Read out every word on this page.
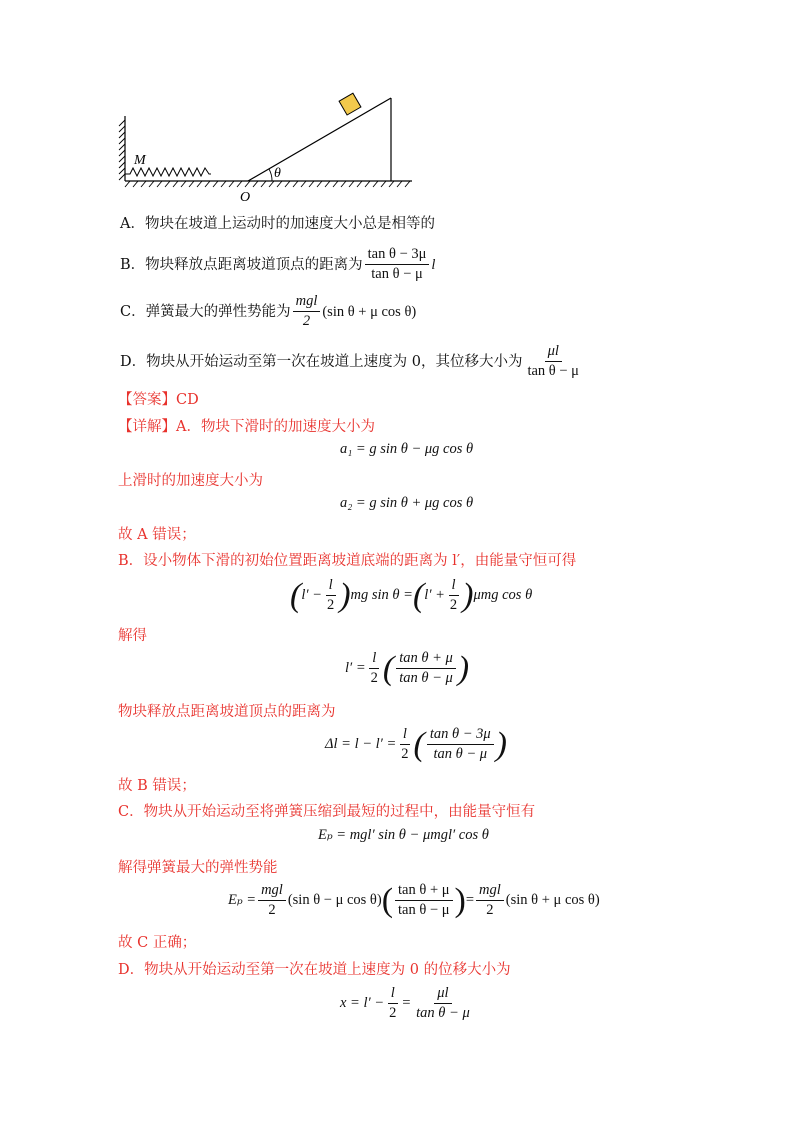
M
θ
O
A．物块在坡道上运动时的加速度大小总是相等的
B．物块释放点距离坡道顶点的距离为 $\frac{\text{tan θ − 3μ}}{\text{tan θ − μ}}$ l
C．弹簧最大的弹性势能为 $\frac{\text{mgl}}{2} (\sin$ θ + μ cos θ)
D．物块从开始运动至第一次在坡道上速度为 0，其位移大小为 $\frac{\mu l}{\text{tan θ − μ}}$
【答案】CD
【详解】A．物块下滑时的加速度大小为
a₁ = g sin θ − μg cos θ
上滑时的加速度大小为
a₂ = g sin θ + μg cos θ
故 A 错误；
B．设小物体下滑的初始位置距离坡道底端的距离为 l′，由能量守恒可得
( $l' - \frac{l}{2}$ ) mg sin θ = ( $l' + \frac{l}{2}$ ) μmg cos θ
解得
$l' = \frac{l}{2}$ ( $\frac{\text{tan θ + μ}}{\text{tan θ − μ}}$ )
物块释放点距离坡道顶点的距离为
$\Delta l = l - l' = \frac{l}{2}$ ( $\frac{\text{tan θ − 3μ}}{\text{tan θ − μ}}$ )
故 B 错误；
C．物块从开始运动至将弹簧压缩到最短的过程中，由能量守恒有
Eₚ = mgl′ sin θ − μmgl′ cos θ
解得弹簧最大的弹性势能
$E_p = \frac{\text{mgl}}{2} (\sin$ θ − μ cos θ) ( $\frac{\text{tan θ + μ}}{\text{tan θ − μ}}$ ) = $\frac{\text{mgl}}{2} (\sin$ θ + μ cos θ)
故 C 正确；
D．物块从开始运动至第一次在坡道上速度为 0 的位移大小为
$x = l' - \frac{l}{2} = \frac{\mu l}{\text{tan θ − μ}}$
